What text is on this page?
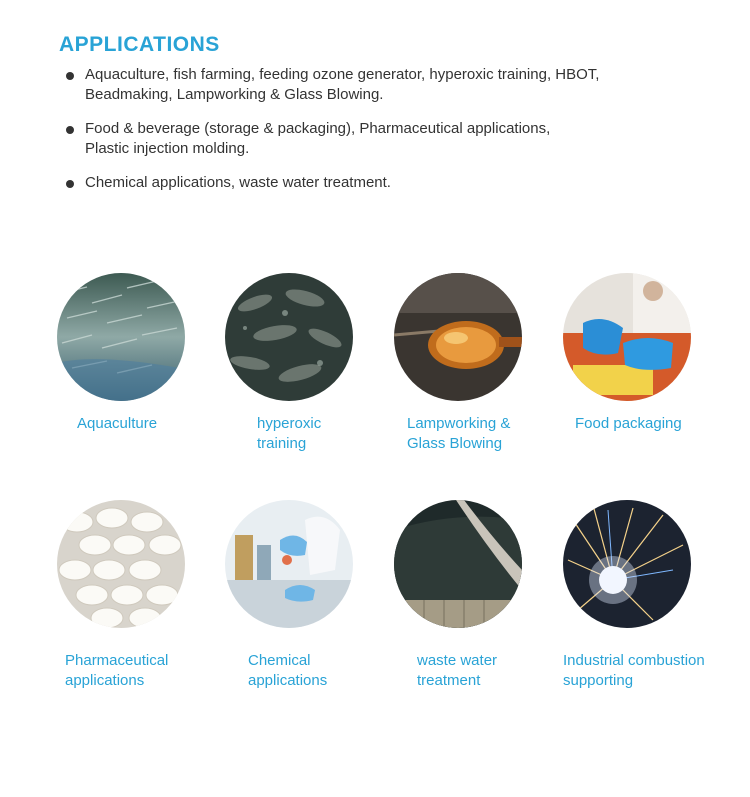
APPLICATIONS
Aquaculture, fish farming, feeding ozone generator, hyperoxic training, HBOT,
Beadmaking, Lampworking & Glass Blowing.
Food & beverage (storage & packaging), Pharmaceutical applications,
Plastic injection molding.
Chemical applications, waste water treatment.
Aquaculture	hyperoxic
training
Lampworking &
Glass Blowing
Food packaging
Pharmaceutical
applications
Chemical
applications
waste water
treatment
Industrial combustion
supporting
